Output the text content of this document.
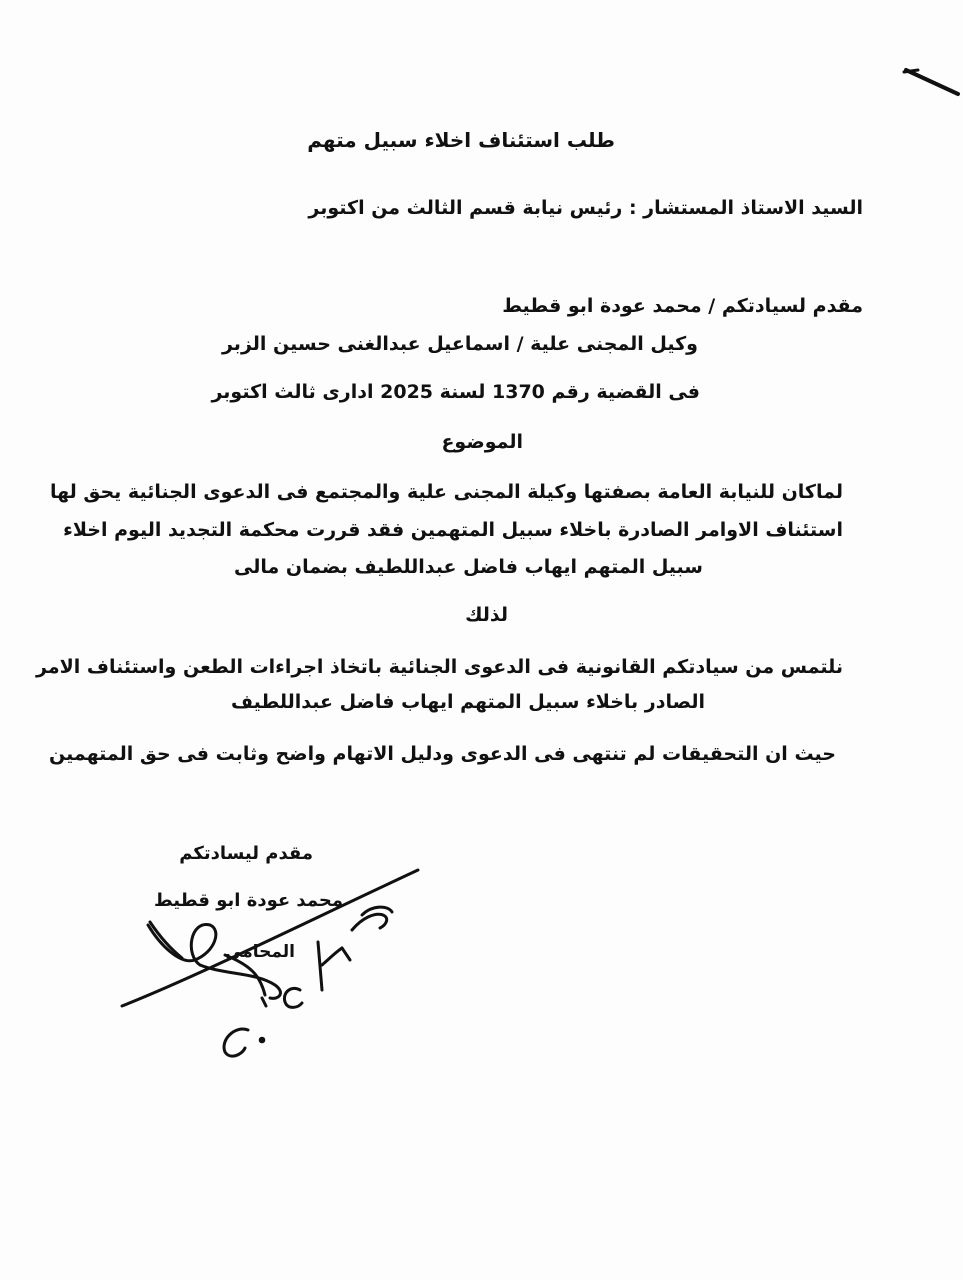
طلب استئناف اخلاء سبيل متهم
السيد الاستاذ المستشار : رئيس نيابة قسم الثالث من اكتوبر
مقدم لسيادتكم / محمد عودة ابو قطيط
وكيل المجنى علية / اسماعيل عبدالغنى حسين الزبر
فى القضية رقم 1370 لسنة 2025 ادارى ثالث اكتوبر
الموضوع
لماكان للنيابة العامة بصفتها وكيلة المجنى علية والمجتمع فى الدعوى الجنائية يحق لها
استئناف الاوامر الصادرة باخلاء سبيل المتهمين فقد قررت محكمة التجديد اليوم اخلاء
سبيل المتهم ايهاب فاضل عبداللطيف بضمان مالى
لذلك
نلتمس من سيادتكم القانونية فى الدعوى الجنائية باتخاذ اجراءات الطعن واستئناف الامر
الصادر باخلاء سبيل المتهم ايهاب فاضل عبداللطيف
حيث ان التحقيقات لم تنتهى فى الدعوى ودليل الاتهام واضح وثابت فى حق المتهمين
مقدم ليسادتكم
محمد عودة ابو قطيط
المحامى
